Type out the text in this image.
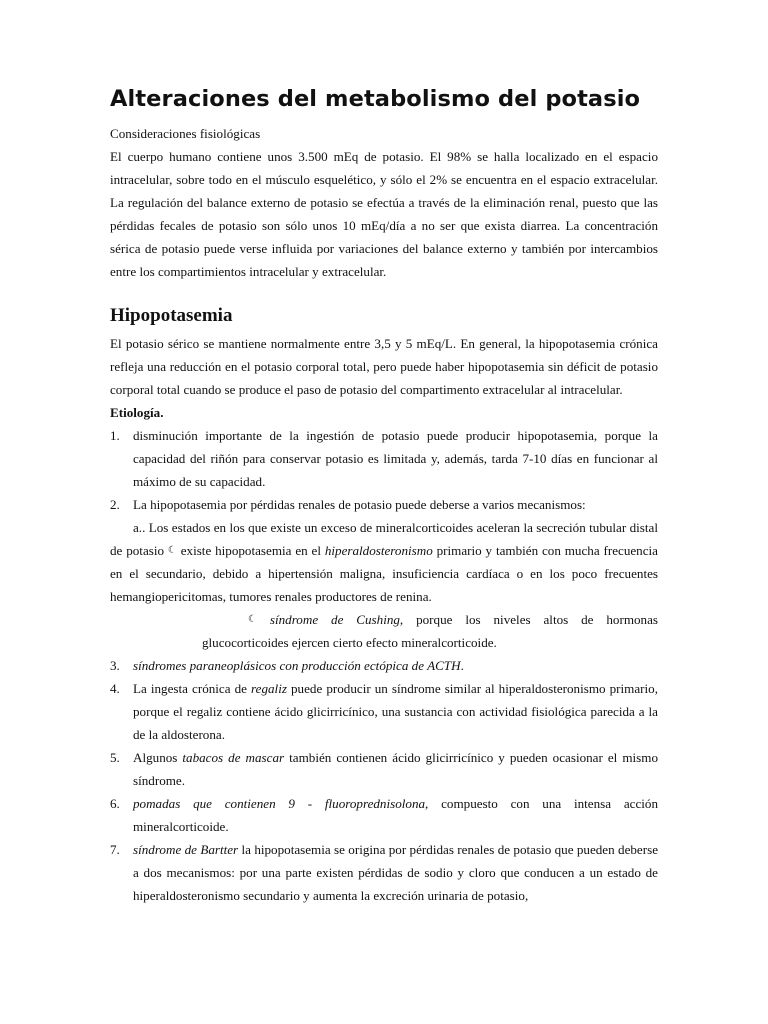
Alteraciones del metabolismo del potasio

Consideraciones fisiológicas

El cuerpo humano contiene unos 3.500 mEq de potasio. El 98% se halla localizado en el espacio intracelular, sobre todo en el músculo esquelético, y sólo el 2% se encuentra en el espacio extracelular. La regulación del balance externo de potasio se efectúa a través de la eliminación renal, puesto que las pérdidas fecales de potasio son sólo unos 10 mEq/día a no ser que exista diarrea. La concentración sérica de potasio puede verse influida por variaciones del balance externo y también por intercambios entre los compartimientos intracelular y extracelular.

Hipopotasemia

El potasio sérico se mantiene normalmente entre 3,5 y 5 mEq/L. En general, la hipopotasemia crónica refleja una reducción en el potasio corporal total, pero puede haber hipopotasemia sin déficit de potasio corporal total cuando se produce el paso de potasio del compartimento extracelular al intracelular.

Etiología.

1.	disminución importante de la ingestión de potasio puede producir hipopotasemia, porque la capacidad del riñón para conservar potasio es limitada y, además, tarda 7-10 días en funcionar al máximo de su capacidad.
2.	La hipopotasemia por pérdidas renales de potasio puede deberse a varios mecanismos:

a.. Los estados en los que existe un exceso de mineralcorticoides aceleran la secreción tubular distal de potasio ☾ existe hipopotasemia en el hiperaldosteronismo primario y también con mucha frecuencia en el secundario, debido a hipertensión maligna, insuficiencia cardíaca o en los poco frecuentes hemangiopericitomas, tumores renales productores de renina.

☾ síndrome de Cushing, porque los niveles altos de hormonas glucocorticoides ejercen cierto efecto mineralcorticoide.

3.	síndromes paraneoplásicos con producción ectópica de ACTH.
4.	La ingesta crónica de regaliz puede producir un síndrome similar al hiperaldosteronismo primario, porque el regaliz contiene ácido glicirricínico, una sustancia con actividad fisiológica parecida a la de la aldosterona.
5.	Algunos tabacos de mascar también contienen ácido glicirricínico y pueden ocasionar el mismo síndrome.
6.	pomadas que contienen 9 - fluoroprednisolona, compuesto con una intensa acción mineralcorticoide.
7.	síndrome de Bartter la hipopotasemia se origina por pérdidas renales de potasio que pueden deberse a dos mecanismos: por una parte existen pérdidas de sodio y cloro que conducen a un estado de hiperaldosteronismo secundario y aumenta la excreción urinaria de potasio,
